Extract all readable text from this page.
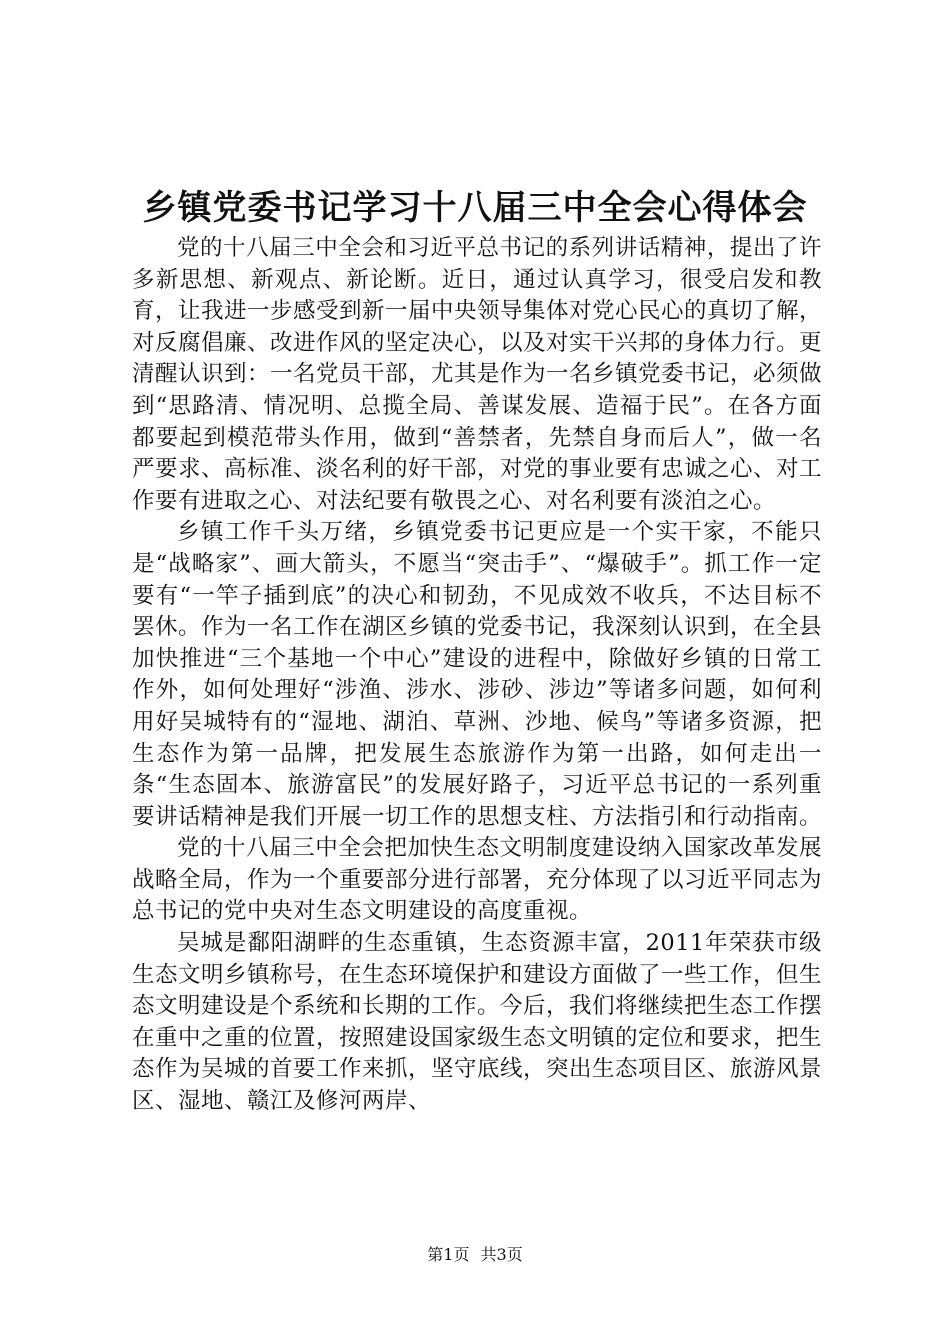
乡镇党委书记学习十八届三中全会心得体会

党的十八届三中全会和习近平总书记的系列讲话精神，提出了许多新思想、新观点、新论断。近日，通过认真学习，很受启发和教育，让我进一步感受到新一届中央领导集体对党心民心的真切了解，对反腐倡廉、改进作风的坚定决心，以及对实干兴邦的身体力行。更清醒认识到：一名党员干部，尤其是作为一名乡镇党委书记，必须做到“思路清、情况明、总揽全局、善谋发展、造福于民”。在各方面都要起到模范带头作用，做到“善禁者，先禁自身而后人”，做一名严要求、高标准、淡名利的好干部，对党的事业要有忠诚之心、对工作要有进取之心、对法纪要有敬畏之心、对名利要有淡泊之心。

乡镇工作千头万绪，乡镇党委书记更应是一个实干家，不能只是“战略家”、画大箭头，不愿当“突击手”、“爆破手”。抓工作一定要有“一竿子插到底”的决心和韧劲，不见成效不收兵，不达目标不罢休。作为一名工作在湖区乡镇的党委书记，我深刻认识到，在全县加快推进“三个基地一个中心”建设的进程中，除做好乡镇的日常工作外，如何处理好“涉渔、涉水、涉砂、涉边”等诸多问题，如何利用好吴城特有的“湿地、湖泊、草洲、沙地、候鸟”等诸多资源，把生态作为第一品牌，把发展生态旅游作为第一出路，如何走出一条“生态固本、旅游富民”的发展好路子，习近平总书记的一系列重要讲话精神是我们开展一切工作的思想支柱、方法指引和行动指南。

党的十八届三中全会把加快生态文明制度建设纳入国家改革发展战略全局，作为一个重要部分进行部署，充分体现了以习近平同志为总书记的党中央对生态文明建设的高度重视。

吴城是鄱阳湖畔的生态重镇，生态资源丰富，2011年荣获市级生态文明乡镇称号，在生态环境保护和建设方面做了一些工作，但生态文明建设是个系统和长期的工作。今后，我们将继续把生态工作摆在重中之重的位置，按照建设国家级生态文明镇的定位和要求，把生态作为吴城的首要工作来抓，坚守底线，突出生态项目区、旅游风景区、湿地、赣江及修河两岸、

第1页 共3页
